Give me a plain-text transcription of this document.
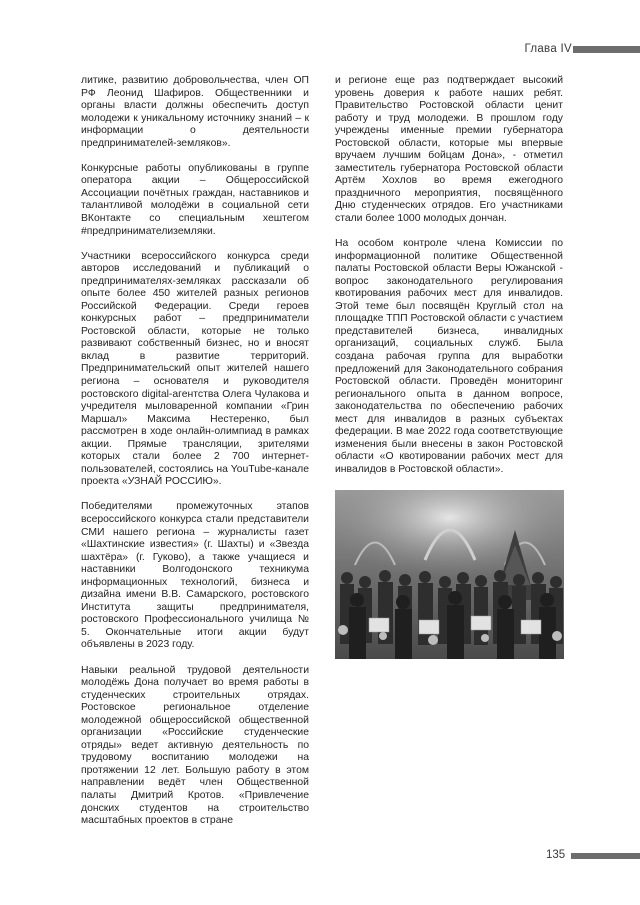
Глава IV

литике, развитию добровольчества, член ОП РФ Леонид Шафиров. Общественники и органы власти должны обеспечить доступ молодежи к уникальному источнику знаний – к информации о деятельности предпринимателей-земляков».

Конкурсные работы опубликованы в группе оператора акции – Общероссийской Ассоциации почётных граждан, наставников и талантливой молодёжи в социальной сети ВКонтакте со специальным хештегом #предпринимателиземляки.

Участники всероссийского конкурса среди авторов исследований и публикаций о предпринимателях-земляках рассказали об опыте более 450 жителей разных регионов Российской Федерации. Среди героев конкурсных работ – предприниматели Ростовской области, которые не только развивают собственный бизнес, но и вносят вклад в развитие территорий. Предпринимательский опыт жителей нашего региона – основателя и руководителя ростовского digital-агентства Олега Чулакова и учредителя мыловаренной компании «Грин Маршал» Максима Нестеренко, был рассмотрен в ходе онлайн-олимпиад в рамках акции. Прямые трансляции, зрителями которых стали более 2 700 интернет-пользователей, состоялись на YouTube-канале проекта «УЗНАЙ РОССИЮ».

Победителями промежуточных этапов всероссийского конкурса стали представители СМИ нашего региона – журналисты газет «Шахтинские известия» (г. Шахты) и «Звезда шахтёра» (г. Гуково), а также учащиеся и наставники Волгодонского техникума информационных технологий, бизнеса и дизайна имени В.В. Самарского, ростовского Института защиты предпринимателя, ростовского Профессионального училища № 5. Окончательные итоги акции будут объявлены в 2023 году.

Навыки реальной трудовой деятельности молодёжь Дона получает во время работы в студенческих строительных отрядах. Ростовское региональное отделение молодежной общероссийской общественной организации «Российские студенческие отряды» ведет активную деятельность по трудовому воспитанию молодежи на протяжении 12 лет. Большую работу в этом направлении ведёт член Общественной палаты Дмитрий Кротов. «Привлечение донских студентов на строительство масштабных проектов в стране

и регионе еще раз подтверждает высокий уровень доверия к работе наших ребят. Правительство Ростовской области ценит работу и труд молодежи. В прошлом году учреждены именные премии губернатора Ростовской области, которые мы впервые вручаем лучшим бойцам Дона», - отметил заместитель губернатора Ростовской области Артём Хохлов во время ежегодного праздничного мероприятия, посвящённого Дню студенческих отрядов. Его участниками стали более 1000 молодых дончан.

На особом контроле члена Комиссии по информационной политике Общественной палаты Ростовской области Веры Южанской - вопрос законодательного регулирования квотирования рабочих мест для инвалидов. Этой теме был посвящён Круглый стол на площадке ТПП Ростовской области с участием представителей бизнеса, инвалидных организаций, социальных служб. Была создана рабочая группа для выработки предложений для Законодательного собрания Ростовской области. Проведён мониторинг регионального опыта в данном вопросе, законодательства по обеспечению рабочих мест для инвалидов в разных субъектах федерации. В мае 2022 года соответствующие изменения были внесены в закон Ростовской области «О квотировании рабочих мест для инвалидов в Ростовской области».

135
